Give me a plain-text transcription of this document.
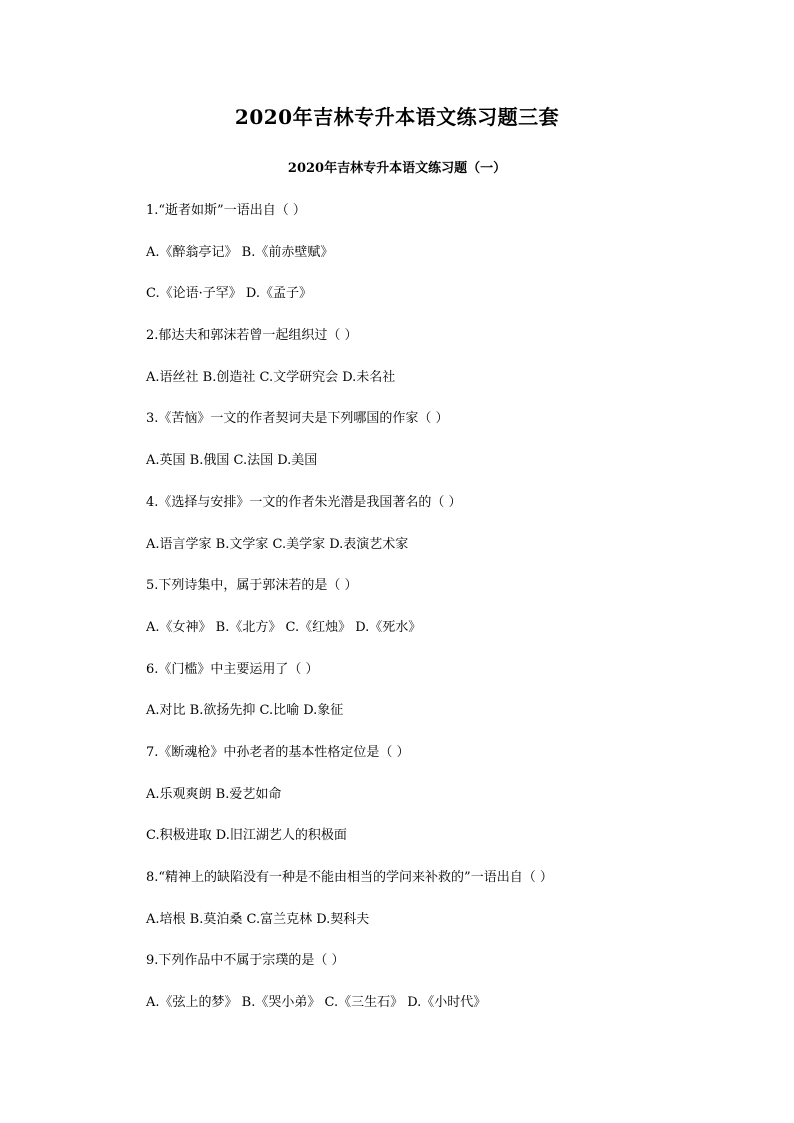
2020年吉林专升本语文练习题三套
2020年吉林专升本语文练习题（一）
1.“逝者如斯”一语出自（ ）
A.《醉翁亭记》 B.《前赤壁赋》
C.《论语·子罕》 D.《孟子》
2.郁达夫和郭沫若曾一起组织过（ ）
A.语丝社 B.创造社 C.文学研究会 D.未名社
3.《苦恼》一文的作者契诃夫是下列哪国的作家（ ）
A.英国 B.俄国 C.法国 D.美国
4.《选择与安排》一文的作者朱光潜是我国著名的（ ）
A.语言学家 B.文学家 C.美学家 D.表演艺术家
5.下列诗集中，属于郭沫若的是（ ）
A.《女神》 B.《北方》 C.《红烛》 D.《死水》
6.《门槛》中主要运用了（ ）
A.对比 B.欲扬先抑 C.比喻 D.象征
7.《断魂枪》中孙老者的基本性格定位是（ ）
A.乐观爽朗 B.爱艺如命
C.积极进取 D.旧江湖艺人的积极面
8.“精神上的缺陷没有一种是不能由相当的学问来补救的”一语出自（ ）
A.培根 B.莫泊桑 C.富兰克林 D.契科夫
9.下列作品中不属于宗璞的是（ ）
A.《弦上的梦》 B.《哭小弟》 C.《三生石》 D.《小时代》
